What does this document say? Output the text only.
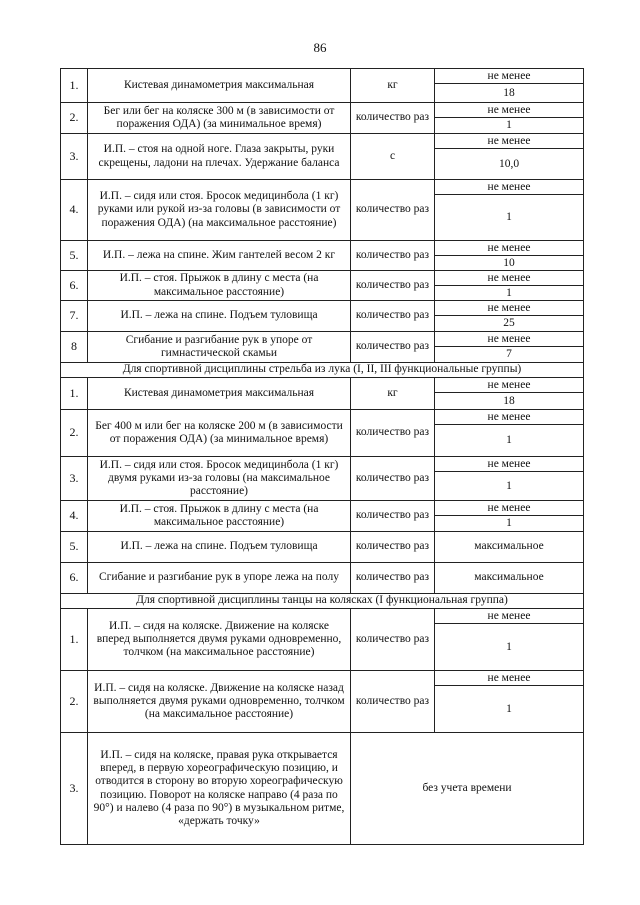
86
1.	Кистевая динамометрия максимальная	кг	не менее
18

2.	Бег или бег на коляске 300 м (в зависимости от поражения ОДА) (за минимальное время)	количество раз	не менее
1

3.	И.П. – стоя на одной ноге. Глаза закрыты, руки скрещены, ладони на плечах. Удержание баланса	с	не менее
10,0

4.	И.П. – сидя или стоя. Бросок медицинбола (1 кг) руками или рукой из-за головы (в зависимости от поражения ОДА) (на максимальное расстояние)	количество раз	не менее
1

5.	И.П. – лежа на спине. Жим гантелей весом 2 кг	количество раз	не менее
10

6.	И.П. – стоя. Прыжок в длину с места (на максимальное расстояние)	количество раз	не менее
1

7.	И.П. – лежа на спине. Подъем туловища	количество раз	не менее
25

8	Сгибание и разгибание рук в упоре от гимнастической скамьи	количество раз	не менее
7

Для спортивной дисциплины стрельба из лука (I, II, III функциональные группы)			
1.	Кистевая динамометрия максимальная	кг	не менее
18

2.	Бег 400 м или бег на коляске 200 м (в зависимости от поражения ОДА) (за минимальное время)	количество раз	не менее
1

3.	И.П. – сидя или стоя. Бросок медицинбола (1 кг) двумя руками из-за головы (на максимальное расстояние)	количество раз	не менее
1

4.	И.П. – стоя. Прыжок в длину с места (на максимальное расстояние)	количество раз	не менее
1

5.	И.П. – лежа на спине. Подъем туловища	количество раз	максимальное
6.	Сгибание и разгибание рук в упоре лежа на полу	количество раз	максимальное
Для спортивной дисциплины танцы на колясках (I функциональная группа)			
1.	И.П. – сидя на коляске. Движение на коляске вперед выполняется двумя руками одновременно, толчком (на максимальное расстояние)	количество раз	не менее
1

2.	И.П. – сидя на коляске. Движение на коляске назад выполняется двумя руками одновременно, толчком (на максимальное расстояние)	количество раз	не менее
1

3.	И.П. – сидя на коляске, правая рука открывается вперед, в первую хореографическую позицию, и отводится в сторону во вторую хореографическую позицию. Поворот на коляске направо (4 раза по 90°) и налево (4 раза по 90°) в музыкальном ритме, «держать точку»	без учета времени	
